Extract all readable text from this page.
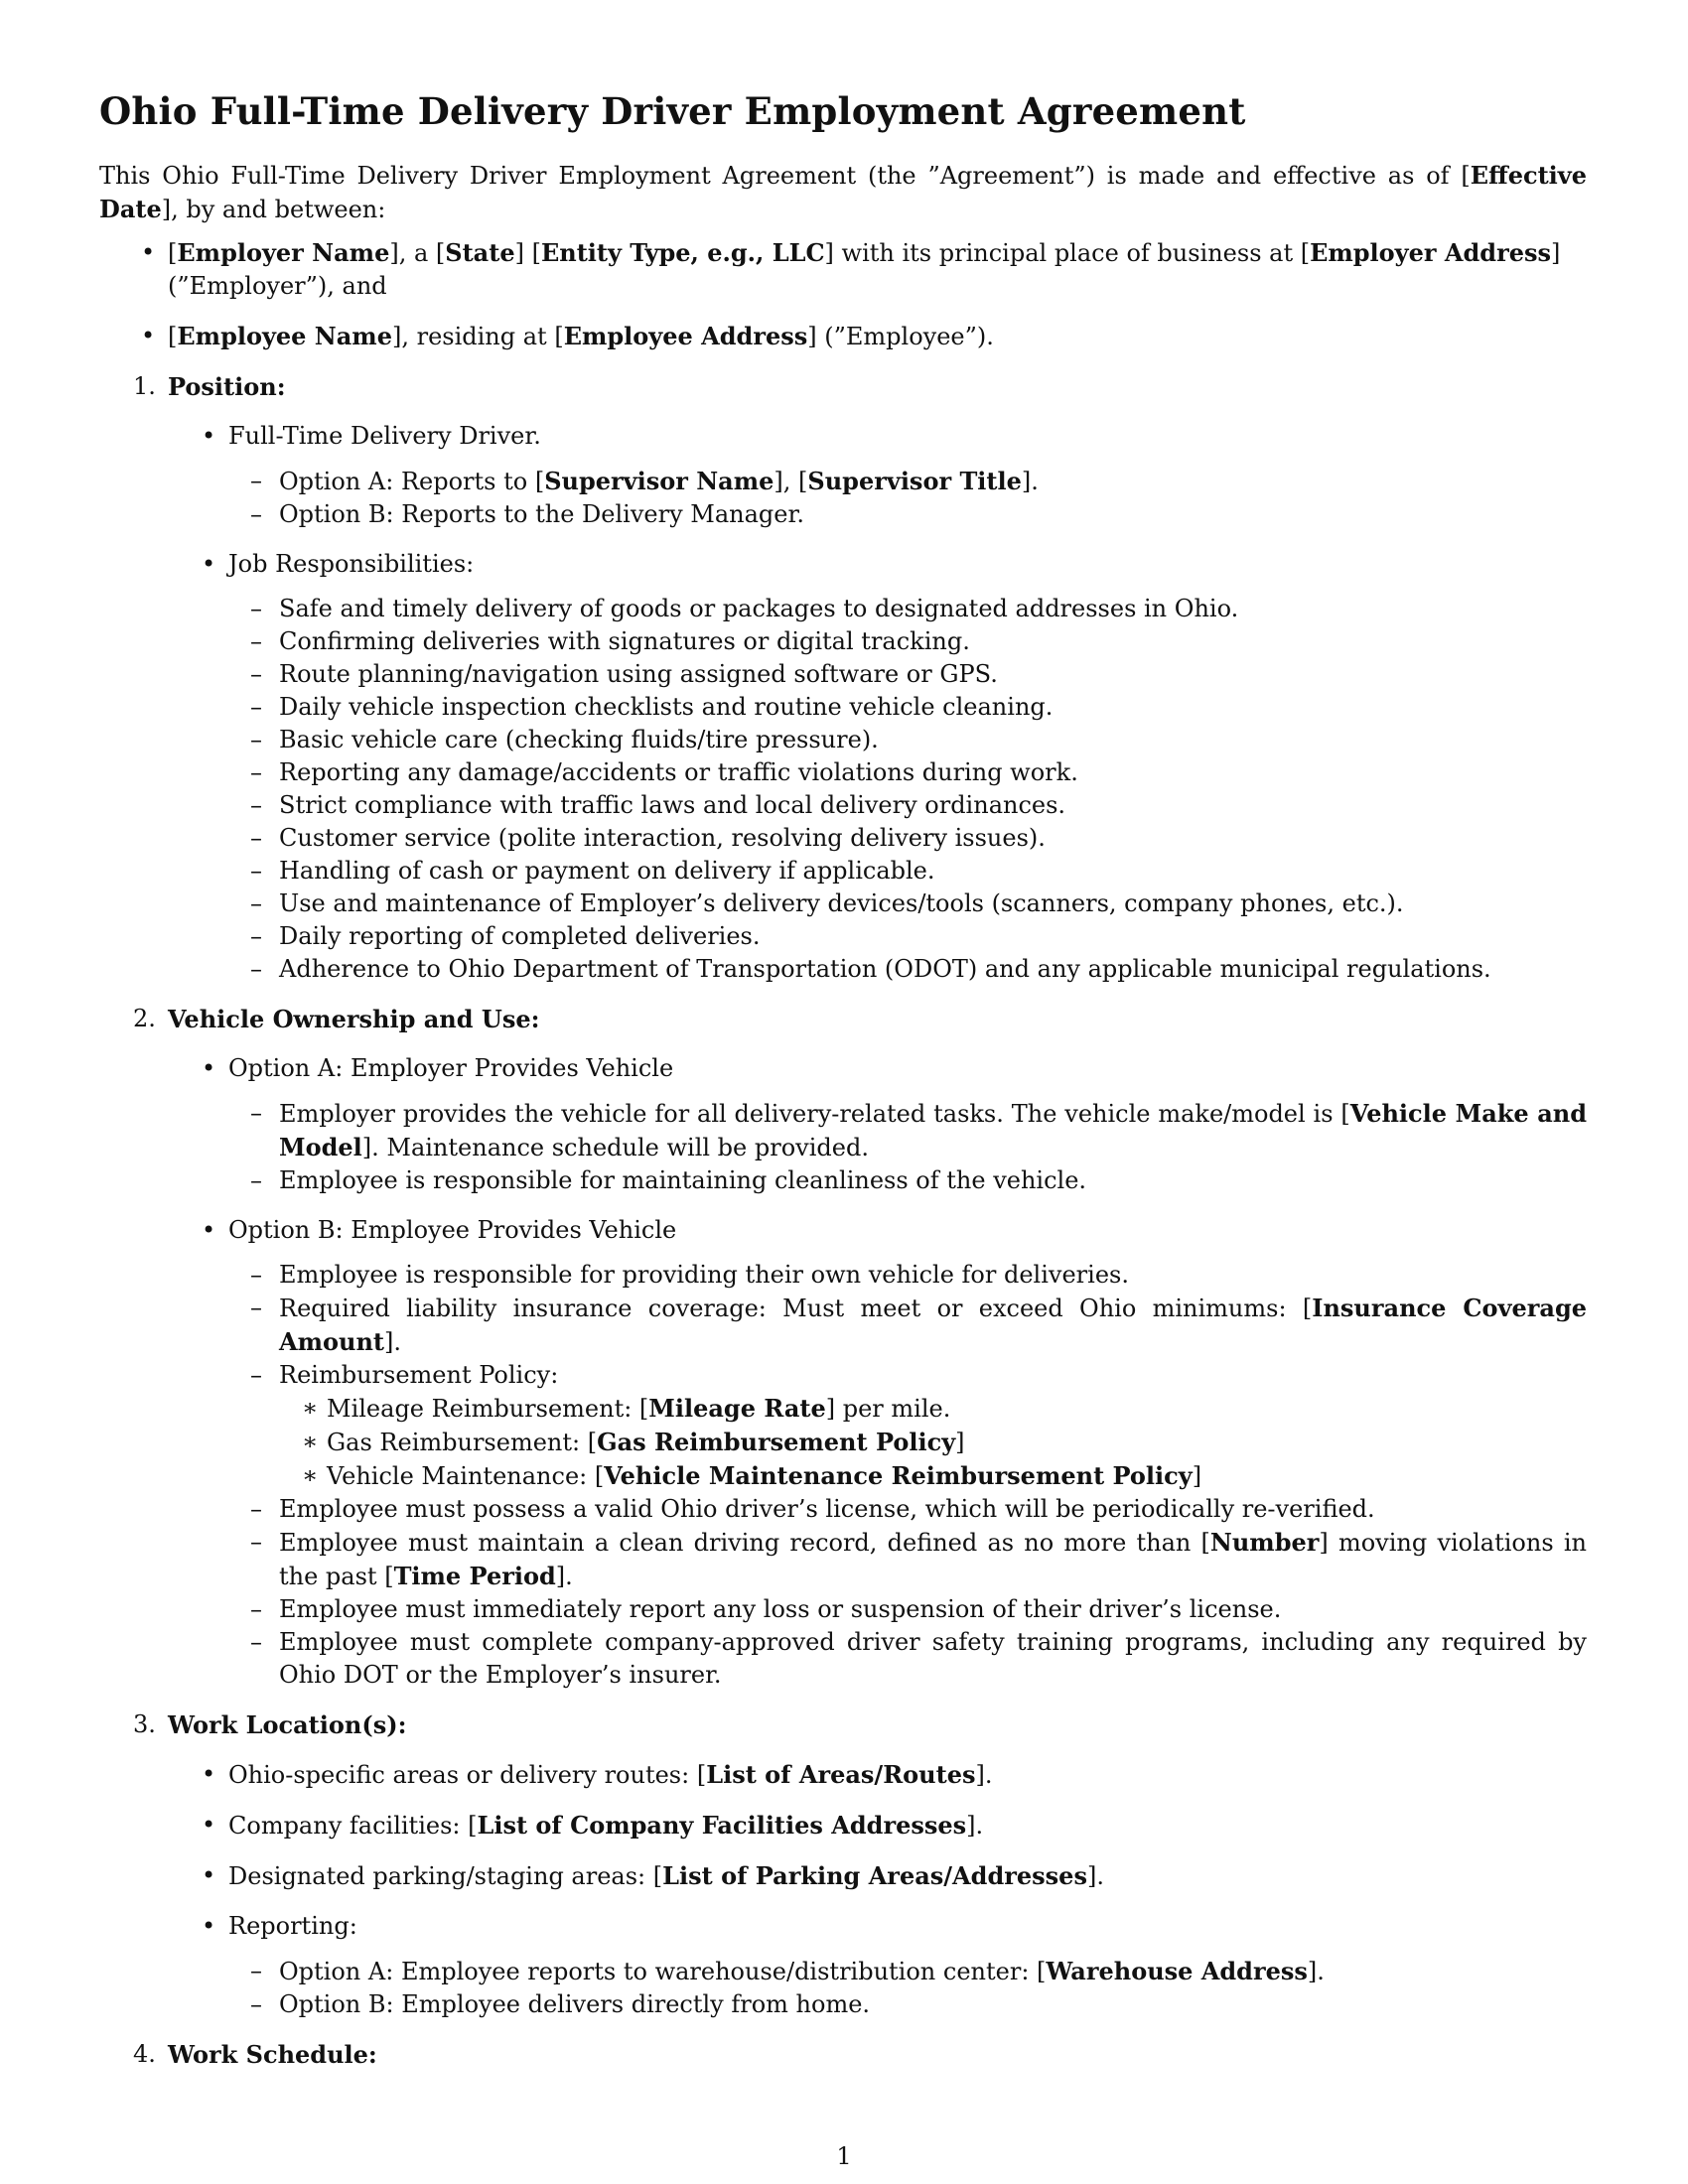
Ohio Full-Time Delivery Driver Employment Agreement

This Ohio Full-Time Delivery Driver Employment Agreement (the ”Agreement”) is made and effective as of [Effective Date], by and between:

• [Employer Name], a [State] [Entity Type, e.g., LLC] with its principal place of business at [Employer Address] (”Employer”), and
• [Employee Name], residing at [Employee Address] (”Employee”).
1. Position:
• Full-Time Delivery Driver.
– Option A: Reports to [Supervisor Name], [Supervisor Title].
– Option B: Reports to the Delivery Manager.
• Job Responsibilities:
– Safe and timely delivery of goods or packages to designated addresses in Ohio.
– Confirming deliveries with signatures or digital tracking.
– Route planning/navigation using assigned software or GPS.
– Daily vehicle inspection checklists and routine vehicle cleaning.
– Basic vehicle care (checking fluids/tire pressure).
– Reporting any damage/accidents or traffic violations during work.
– Strict compliance with traffic laws and local delivery ordinances.
– Customer service (polite interaction, resolving delivery issues).
– Handling of cash or payment on delivery if applicable.
– Use and maintenance of Employer’s delivery devices/tools (scanners, company phones, etc.).
– Daily reporting of completed deliveries.
– Adherence to Ohio Department of Transportation (ODOT) and any applicable municipal regulations.
2. Vehicle Ownership and Use:
• Option A: Employer Provides Vehicle
– Employer provides the vehicle for all delivery-related tasks. The vehicle make/model is [Vehicle Make and Model]. Maintenance schedule will be provided.
– Employee is responsible for maintaining cleanliness of the vehicle.
• Option B: Employee Provides Vehicle
– Employee is responsible for providing their own vehicle for deliveries.
– Required liability insurance coverage: Must meet or exceed Ohio minimums: [Insurance Coverage Amount].
– Reimbursement Policy:
∗ Mileage Reimbursement: [Mileage Rate] per mile.
∗ Gas Reimbursement: [Gas Reimbursement Policy]
∗ Vehicle Maintenance: [Vehicle Maintenance Reimbursement Policy]
– Employee must possess a valid Ohio driver’s license, which will be periodically re-verified.
– Employee must maintain a clean driving record, defined as no more than [Number] moving violations in the past [Time Period].
– Employee must immediately report any loss or suspension of their driver’s license.
– Employee must complete company-approved driver safety training programs, including any required by Ohio DOT or the Employer’s insurer.
3. Work Location(s):
• Ohio-specific areas or delivery routes: [List of Areas/Routes].
• Company facilities: [List of Company Facilities Addresses].
• Designated parking/staging areas: [List of Parking Areas/Addresses].
• Reporting:
– Option A: Employee reports to warehouse/distribution center: [Warehouse Address].
– Option B: Employee delivers directly from home.
4. Work Schedule:
1
